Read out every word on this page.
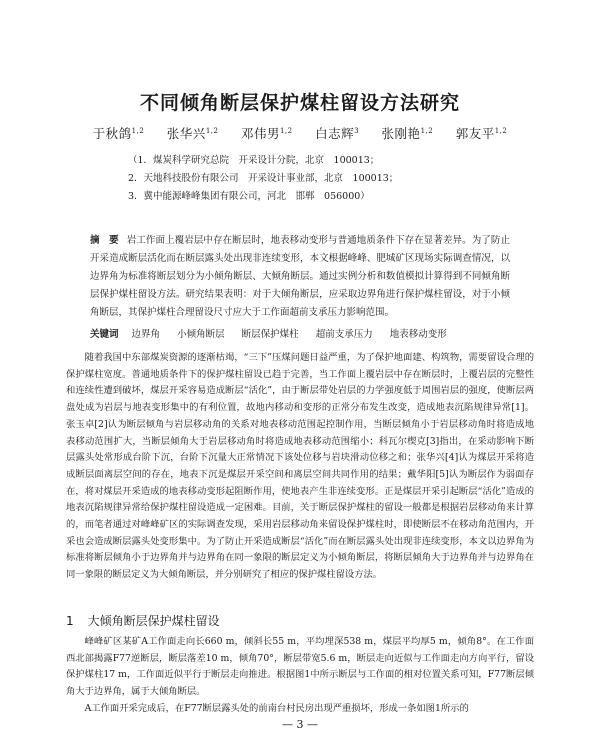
不同倾角断层保护煤柱留设方法研究
于秋鸽$^{1,2}$ 张华兴$^{1,2}$ 邓伟男$^{1,2}$ 白志辉$^3$ 张刚艳$^{1,2}$ 郭友平$^{1,2}$
（1．煤炭科学研究总院　开采设计分院，北京　100013；
2．天地科技股份有限公司　开采设计事业部，北京　100013；
3．冀中能源峰峰集团有限公司，河北　邯郸　056000）
摘　要 岩工作面上覆岩层中存在断层时，地表移动变形与普通地质条件下存在显著差异。为了防止开采造成断层活化而在断层露头处出现非连续变形，本文根据峰峰、肥城矿区现场实际调查情况，以边界角为标准将断层划分为小倾角断层、大倾角断层。通过实例分析和数值模拟计算得到不同倾角断层保护煤柱留设方法。研究结果表明：对于大倾角断层，应采取边界角进行保护煤柱留设，对于小倾角断层，其保护煤柱合理留设尺寸应大于工作面超前支承压力影响范围。
关键词 边界角 小倾角断层 断层保护煤柱 超前支承压力 地表移动变形
随着我国中东部煤炭资源的逐渐枯竭，“三下”压煤问题日益严重，为了保护地面建、构筑物，需要留设合理的保护煤柱宽度。普通地质条件下的保护煤柱留设已趋于完善，当工作面上覆岩层中存在断层时，上覆岩层的完整性和连续性遭到破坏，煤层开采容易造成断层“活化”，由于断层带处岩层的力学强度低于周围岩层的强度，使断层两盘处成为岩层与地表变形集中的有利位置，故地内移动和变形的正常分布发生改变，造成地表沉陷规律异常[1]。张玉卓[2]认为断层倾角与岩层移动角的关系对地表移动范围起控制作用，当断层倾角小于岩层移动角时将造成地表移动范围扩大，当断层倾角大于岩层移动角时将造成地表移动范围缩小；科瓦尔楔克[3]指出，在采动影响下断层露头处常形成台阶下沉，台阶下沉量大正常情况下该处位移与岩块滑动位移之和；张华兴[4]认为煤层开采将造成断层面离层空间的存在，地表下沉是煤层开采空间和离层空间共同作用的结果；戴华阳[5]认为断层作为弱面存在，将对煤层开采造成的地表移动变形起阻断作用，使地表产生非连续变形。正是煤层开采引起断层“活化”造成的地表沉陷规律异常给保护煤柱留设造成一定困难。目前，关于断层保护煤柱的留设一般都是根据岩层移动角来计算的，而笔者通过对峰峰矿区的实际调查发现，采用岩层移动角来留设保护煤柱时，即使断层不在移动角范围内，开采也会造成断层露头处变形集中。为了防止开采造成断层“活化”而在断层露头处出现非连续变形，本文以边界角为标准将断层倾角小于边界角并与边界角在同一象限的断层定义为小倾角断层，将断层倾角大于边界角并与边界角在同一象限的断层定义为大倾角断层，并分别研究了相应的保护煤柱留设方法。
1 大倾角断层保护煤柱留设
峰峰矿区某矿A工作面走向长660 m，倾斜长55 m，平均埋深538 m，煤层平均厚5 m，倾角8°。在工作面西北部揭露F77逆断层，断层落差10 m，倾角70°，断层带宽5.6 m，断层走向近似与工作面走向方向平行，留设保护煤柱17 m，工作面近似平行于断层走向推进。根据图1中所示断层与工作面的相对位置关系可知，F77断层倾角大于边界角，属于大倾角断层。
A工作面开采完成后，在F77断层露头处的前南台村民房出现严重损坏，形成一条如图1所示的
— 3 —
